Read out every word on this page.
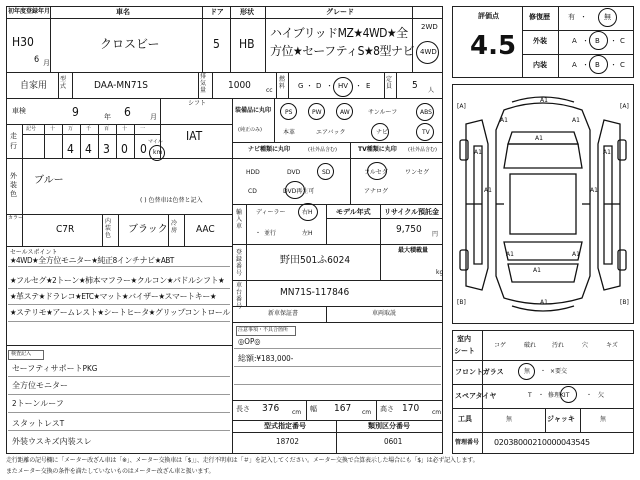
初年度登録年月
H30
6 月
車名
クロスビー
ドア
5
形状
HB
グレード
ハイブリッドMZ★4WD★全
方位★セーフティS★8型ナビ
2WD
4WD
自家用
型式	DAA-MN71S
排気量	1000	cc
燃料 G ・ D ・ HV ・ E
定員 5 人
車検	9	年 6	月
シフト
IAT
走行
記号	十	万	千	百	十	一
4 4 3 0 0 マイル
km
外装色
ブルー
( ) 色替車は色替と記入
カラー
C7R
内装色
ブラック
冷房	AAC
セールスポイント
★4WD★全方位モニター★純正8インチナビ★ABT
★フルセグ★2トーン★柿本マフラー★クルコン★パドルシフト★
★革ステ★ドラレコ★ETC★マット★バイザー★スマートキー★
★ステリモ★アームレスト★シートヒータ★グリップコントロール
検査記入
セーフティサポートPKG
全方位モニター
2トーンルーフ
スタットレスT
外装ウスキズ内装スレ
装備品に丸印
(純正のみ)
PS	PW	AW	サンルーフ	ABS
本革	エアバック	ナビ	TV
ナビ種類に丸印	(社外品含む)	TV種類に丸印 (社外品含む)
HDD	DVD	SD
CD	DVD再生可
フルセグ	ワンセグ
アナログ
輸入車
ディーラー	右H
・ 並行	左H
モデル年式 リサイクル預託金
9,750 円
最大積載量
kg
登録番号
野田501ふ6024
車台番号
MN71S-117846
新車保証書	車両取説
注意事項・不具合箇所
◎OP◎
総額:¥183,000-
長さ 376 cm 幅 167 cm 高さ 170 cm
型式指定番号
18702
類別区分番号
0601
評価点
4.5
修復歴	有 ・ 無
外装	A ・ B ・ C
内装	A ・ B ・ C
[A]	[A]
[B]	[B]
A1
A1	A1
A1
A1	A1
A1	A1
A1	A1
A1
A1
室内
シート
コゲ	破れ	汚れ	穴	キズ
フロントガラス	無 ・ ×要交
スペアタイヤ	T ・ 修理KIT	・ 欠
工具	無	ジャッキ	無
管理番号 02038000210000043545
走行距離の記号欄に「メーター改ざん車は「※」、メーター交換車は「$」」、走行不明車は「＃」を記入してください。メーター交換で合算表示した場合にも「$」は必ず記入します。
またメーター交換の条件を満たしていないものはメーター改ざん車と扱います。
